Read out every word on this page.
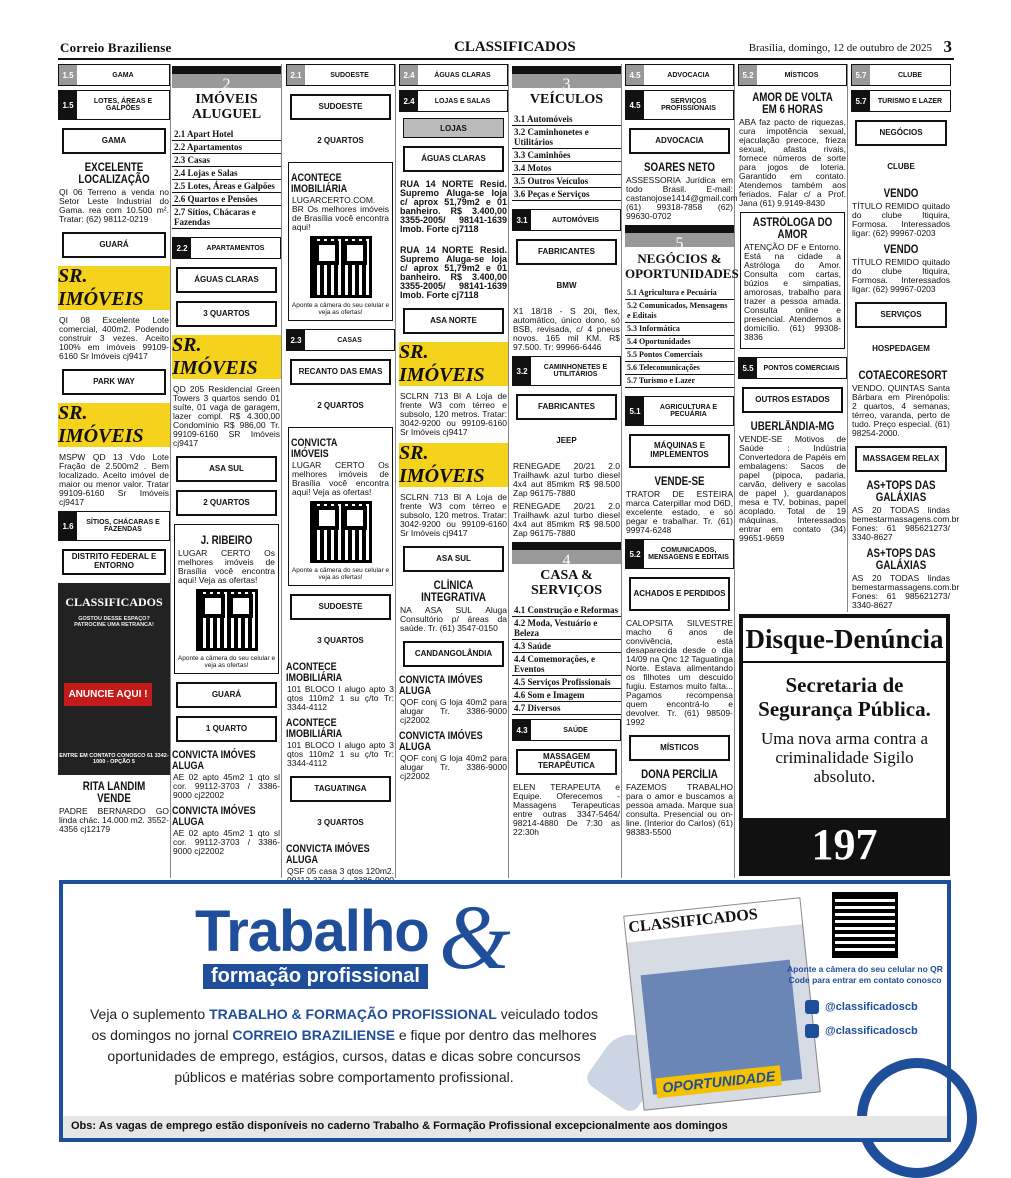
Correio Braziliense	CLASSIFICADOS	Brasília, domingo, 12 de outubro de 2025 3
1.5	GAMA
1.5	LOTES, ÁREAS E GALPÕES
GAMA
EXCELENTE LOCALIZAÇÃO
QI 06 Terreno a venda no Setor Leste Industrial do Gama. rea com 10.500 m². Tratar: (62) 98112-0219
GUARÁ
SR. IMÓVEIS
QI 08 Excelente Lote comercial, 400m2. Podendo construir 3 vezes. Aceito 100% em imóveis 99109-6160 Sr Imóveis cj9417
PARK WAY
SR. IMÓVEIS
MSPW QD 13 Vdo Lote Fração de 2.500m2 . Bem localizado. Aceito imóvel de maior ou menor valor. Tratar 99109-6160 Sr Imóveis cj9417
1.6	SÍTIOS, CHÁCARAS E FAZENDAS
DISTRITO FEDERAL E ENTORNO
CLASSIFICADOS
GOSTOU DESSE ESPAÇO? PATROCINE UMA RETRANCA!
ANUNCIE AQUI !
ENTRE EM CONTATO CONOSCO 61 3342-1000 - OPÇÃO 5
RITA LANDIM VENDE
PADRE BERNARDO GO linda chác. 14.000 m2. 3552-4356 cj12179
2
IMÓVEIS ALUGUEL
2.1 Apart Hotel
2.2 Apartamentos
2.3 Casas
2.4 Lojas e Salas
2.5 Lotes, Áreas e Galpões
2.6 Quartos e Pensões
2.7 Sítios, Chácaras e Fazendas
2.2	APARTAMENTOS
ÁGUAS CLARAS
3 QUARTOS
SR. IMÓVEIS
QD 205 Residencial Green Towers 3 quartos sendo 01 suíte, 01 vaga de garagem, lazer compl. R$ 4.300,00 Condomínio R$ 986,00 Tr. 99109-6160 SR Imóveis cj9417
ASA SUL
2 QUARTOS
J. RIBEIRO
LUGAR CERTO Os melhores imóveis de Brasília você encontra aqui! Veja as ofertas!
Aponte a câmera do seu celular e veja as ofertas!
GUARÁ
1 QUARTO
CONVICTA IMÓVES ALUGA
AE 02 apto 45m2 1 qto sl cor. 99112-3703 / 3386-9000 cj22002
CONVICTA IMÓVES ALUGA
AE 02 apto 45m2 1 qto sl cor. 99112-3703 / 3386-9000 cj22002
2.1	SUDOESTE
SUDOESTE
2 QUARTOS
ACONTECE IMOBILIÁRIA
LUGARCERTO.COM. BR Os melhores imóveis de Brasília você encontra aqui!
Aponte a câmera do seu celular e veja as ofertas!
2.3	CASAS
RECANTO DAS EMAS
2 QUARTOS
CONVICTA IMÓVEIS
LUGAR CERTO Os melhores imóveis de Brasília você encontra aqui! Veja as ofertas!
Aponte a câmera do seu celular e veja as ofertas!
SUDOESTE
3 QUARTOS
ACONTECE IMOBILIÁRIA
101 BLOCO I alugo apto 3 qtos 110m2 1 su ç/to Tr: 3344-4112
ACONTECE IMOBILIÁRIA
101 BLOCO I alugo apto 3 qtos 110m2 1 su ç/to Tr: 3344-4112
TAGUATINGA
3 QUARTOS
CONVICTA IMÓVES ALUGA
QSF 05 casa 3 qtos 120m2.
2.4	ÁGUAS CLARAS
2.4	LOJAS E SALAS
LOJAS
ÁGUAS CLARAS
RUA 14 NORTE Resid. Supremo Aluga-se loja c/ aprox 51,79m2 e 01 banheiro. R$ 3.400,00 3355-2005/ 98141-1639 Imob. Forte cj7118
RUA 14 NORTE Resid. Supremo Aluga-se loja c/ aprox 51,79m2 e 01 banheiro. R$ 3.400,00 3355-2005/ 98141-1639 Imob. Forte cj7118
ASA NORTE
SR. IMÓVEIS
SCLRN 713 Bl A Loja de frente W3 com térreo e subsolo, 120 metros. Tratar: 3042-9200 ou 99109-6160 Sr Imóveis cj9417
SR. IMÓVEIS
SCLRN 713 Bl A Loja de frente W3 com térreo e subsolo, 120 metros. Tratar: 3042-9200 ou 99109-6160 Sr Imóveis cj9417
ASA SUL
CLÍNICA INTEGRATIVA
NA ASA SUL Aluga Consultório p/ áreas da saúde. Tr. (61) 3547-0150
CANDANGOLÂNDIA
CONVICTA IMÓVES ALUGA
QOF conj G loja 40m2 para alugar Tr. 3386-9000 cj22002
CONVICTA IMÓVES ALUGA
QOF conj G loja 40m2 para alugar Tr. 3386-9000 cj22002
3
VEÍCULOS
3.1 Automóveis
3.2 Caminhonetes e Utilitários
3.3 Caminhões
3.4 Motos
3.5 Outros Veículos
3.6 Peças e Serviços
3.1	AUTOMÓVEIS
FABRICANTES
BMW
X1 18/18 - S 20i, flex, automático, único dono, só BSB, revisada, c/ 4 pneus novos. 165 mil KM. R$ 97.500. Tr: 99966-6446
3.2	CAMINHONETES E UTILITÁRIOS
FABRICANTES
JEEP
RENEGADE 20/21 2.0 Trailhawk azul turbo diesel 4x4 aut 85mkm R$ 98.500 Zap 96175-7880
RENEGADE 20/21 2.0 Trailhawk azul turbo diesel 4x4 aut 85mkm R$ 98.500 Zap 96175-7880
4
CASA & SERVIÇOS
4.1 Construção e Reformas
4.2 Moda, Vestuário e Beleza
4.3 Saúde
4.4 Comemorações, e Eventos
4.5 Serviços Profissionais
4.6 Som e Imagem
4.7 Diversos
4.3	SAÚDE
MASSAGEM TERAPÊUTICA
ELEN TERAPEUTA e Equipe. Oferecemos - Massagens Terapeuticas entre outras 3347-5464/ 98214-4880 De 7:30 as 22:30h
4.5	ADVOCACIA
4.5	SERVIÇOS PROFISSIONAIS
ADVOCACIA
SOARES NETO
ASSESSORIA Jurídica em todo Brasil. E-mail: castanojose1414@gmail.com (61) 99318-7858 (62) 99630-0702
5
NEGÓCIOS & OPORTUNIDADES
5.1 Agricultura e Pecuária
5.2 Comunicados, Mensagens e Editais
5.3 Informática
5.4 Oportunidades
5.5 Pontos Comerciais
5.6 Telecomunicações
5.7 Turismo e Lazer
5.1	AGRICULTURA E PECUÁRIA
MÁQUINAS E IMPLEMENTOS
VENDE-SE
TRATOR DE ESTEIRA marca Caterpillar mod D6D, excelente estado, e só pegar e trabalhar. Tr. (61) 99974-6248
5.2	COMUNICADOS, MENSAGENS E EDITAIS
ACHADOS E PERDIDOS
CALOPSITA SILVESTRE macho 6 anos de convivência, está desaparecida desde o dia 14/09 na Qnc 12 Taguatinga Norte. Estava alimentando os filhotes um descuido fugiu. Estamos muito falta... Pagamos recompensa quem encontrá-lo e devolver. Tr. (61) 98509-1992
MÍSTICOS
DONA PERCÍLIA
FAZEMOS TRABALHO para o amor e buscamos a pessoa amada. Marque sua consulta. Presencial ou on-line. (Interior do Carlos) (61) 98383-5500
5.2	MÍSTICOS
AMOR DE VOLTA EM 6 HORAS
ABA faz pacto de riquezas, cura impotência sexual, ejaculação precoce, frieza sexual, afasta rivais, fornece números de sorte para jogos de loteria. Garantido em contato. Atendemos também aos feriados. Falar c/ a Prof. Jana (61) 9.9149-8430
ASTRÓLOGA DO AMOR
ATENÇÃO DF e Entorno. Está na cidade a Astróloga do Amor. Consulta com cartas, búzios e simpatias, amorosas, trabalho para trazer a pessoa amada. Consulta online e presencial. Atendemos a domicílio. (61) 99308-3836
5.5	PONTOS COMERCIAIS
OUTROS ESTADOS
UBERLÂNDIA-MG
VENDE-SE Motivos de Saúde : Indústria Convertedora de Papéis em embalagens: Sacos de papel (pipoca, padaria, carvão, delivery e sacolas de papel ), guardanapos mesa e TV, bobinas, papel acoplado. Total de 19 máquinas. Interessados entrar em contato (34) 99651-9659
5.7	CLUBE
5.7	TURISMO E LAZER
NEGÓCIOS
CLUBE
VENDO
TÍTULO REMIDO quitado do clube Itiquira, Formosa. Interessados ligar: (62) 99967-0203
VENDO
TÍTULO REMIDO quitado do clube Itiquira, Formosa. Interessados ligar: (62) 99967-0203
SERVIÇOS
HOSPEDAGEM
COTAECORESORT
VENDO. QUINTAS Santa Bárbara em Pirenópolis: 2 quartos, 4 semanas, térreo, varanda, perto de tudo. Preço especial. (61) 98254-2000.
MASSAGEM RELAX
AS+TOPS DAS GALÁXIAS
AS 20 TODAS lindas bemestarmassagens.com.br Fones: 61 985621273/ 3340-8627
AS+TOPS DAS GALÁXIAS
AS 20 TODAS lindas bemestarmassagens.com.br Fones: 61 985621273/ 3340-8627
Disque-Denúncia
Secretaria de Segurança Pública.
Uma nova arma contra a criminalidade Sigilo absoluto.
197
Trabalho &
formação profissional
Veja o suplemento TRABALHO & FORMAÇÃO PROFISSIONAL veiculado todos os domingos no jornal CORREIO BRAZILIENSE e fique por dentro das melhores oportunidades de emprego, estágios, cursos, datas e dicas sobre concursos públicos e matérias sobre comportamento profissional.
CLASSIFICADOS
OPORTUNIDADE
Aponte a câmera do seu celular no QR Code para entrar em contato conosco
@classificadoscb
@classificadoscb
Obs: As vagas de emprego estão disponíveis no caderno Trabalho & Formação Profissional excepcionalmente aos domingos
